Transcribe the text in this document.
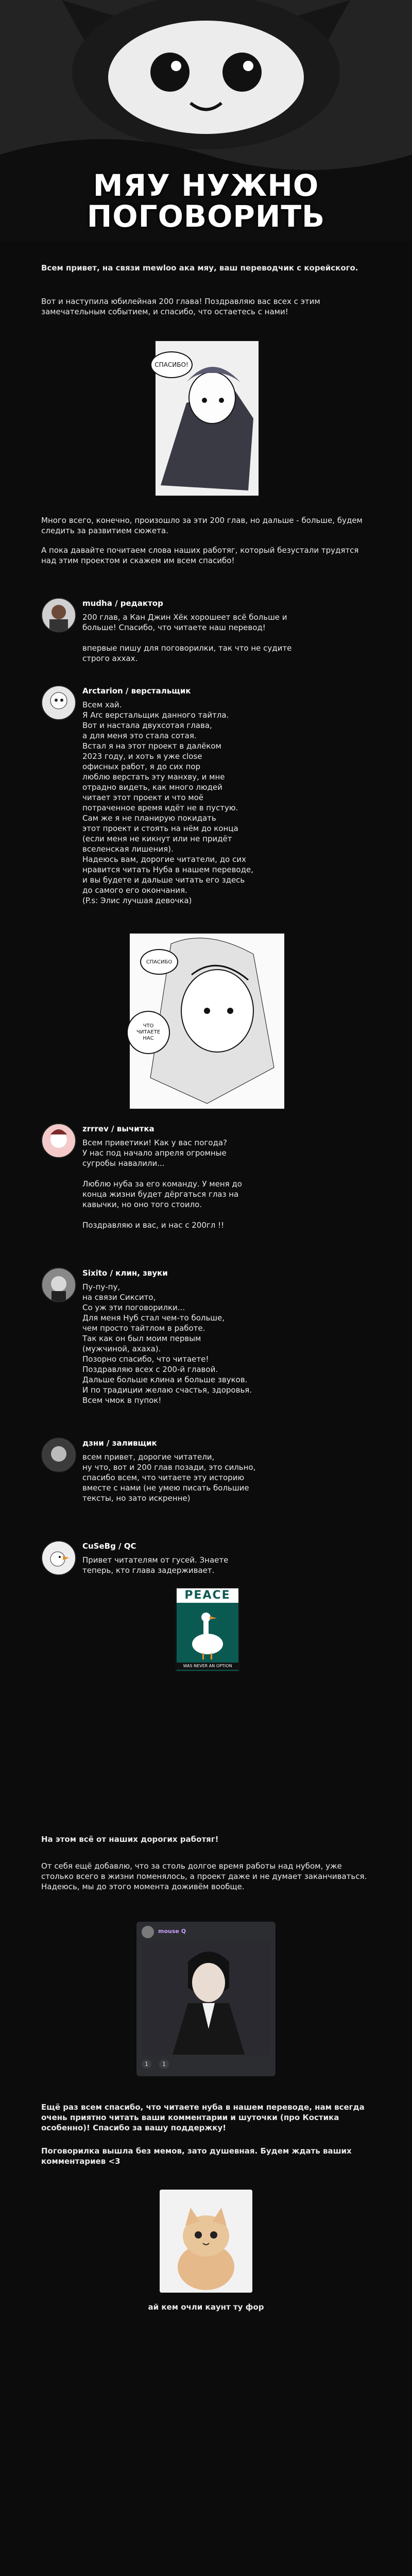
МЯУ НУЖНО
ПОГОВОРИТЬ
Всем привет, на связи mewloo ака мяу, ваш переводчик с корейского.
Вот и наступила юбилейная 200 глава! Поздравляю вас всех с этим замечательным событием, и спасибо, что остаетесь с нами!
СПАСИБО!
Много всего, конечно, произошло за эти 200 глав, но дальше - больше, будем следить за развитием сюжета.
А пока давайте почитаем слова наших работяг, который безустали трудятся над этим проектом и скажем им всем спасибо!
mudha / редактор
200 глав, а Кан Джин Хёк хорошеет всё больше и больше! Спасибо, что читаете наш перевод!

впервые пишу для поговорилки, так что не судите строго аххах.
Arctarion / верстальщик
Всем хай.
Я Arc верстальщик данного тайтла.
Вот и настала двухсотая глава,
а для меня это стала сотая.
Встал я на этот проект в далёком
2023 году, и хоть я уже close
офисных работ, я до сих пор
люблю верстать эту манхву, и мне
отрадно видеть, как много людей
читает этот проект и что моё
потраченное время идёт не в пустую.
Сам же я не планирую покидать
этот проект и стоять на нём до конца
(если меня не кикнут или не придёт
вселенская лишения).
Надеюсь вам, дорогие читатели, до сих
нравится читать Нуба в нашем переводе,
и вы будете и дальше читать его здесь
до самого его окончания.
(P.s: Элис лучшая девочка)
ЧТО
ЧИТАЕТЕ
НАС
СПАСИБО
zrrrev / вычитка
Всем приветики! Как у вас погода?
У нас под начало апреля огромные
сугробы навалили...

Люблю нуба за его команду. У меня до
конца жизни будет дёргаться глаз на
кавычки, но оно того стоило.

Поздравляю и вас, и нас с 200гл !!
Sixito / клин, звуки
Пу-пу-пу,
на связи Сиксито,
Со уж эти поговорилки...
Для меня Нуб стал чем-то больше,
чем просто тайтлом в работе.
Так как он был моим первым
(мужчиной, ахаха).
Позорно спасибо, что читаете!
Поздравляю всех с 200-й главой.
Дальше больше клина и больше звуков.
И по традиции желаю счастья, здоровья.
Всем чмок в пупок!
дзни / заливщик
всем привет, дорогие читатели,
ну что, вот и 200 глав позади, это сильно,
спасибо всем, что читаете эту историю
вместе с нами (не умею писать большие
тексты, но зато искренне)
CuSeBg / QC
Привет читателям от гусей. Знаете
теперь, кто глава задерживает.
PEACE
WAS NEVER AN OPTION
На этом всё от наших дорогих работяг!
От себя ещё добавлю, что за столь долгое время работы над нубом, уже столько всего в жизни поменялось, а проект даже и не думает заканчиваться. Надеюсь, мы до этого момента доживём вообще.
mouse Q
1	1
Ещё раз всем спасибо, что читаете нуба в нашем переводе, нам всегда очень приятно читать ваши комментарии и шуточки (про Костика особенно)! Спасибо за вашу поддержку!
Поговорилка вышла без мемов, зато душевная. Будем ждать ваших комментариев <3
ай кем очли каунт ту фор
